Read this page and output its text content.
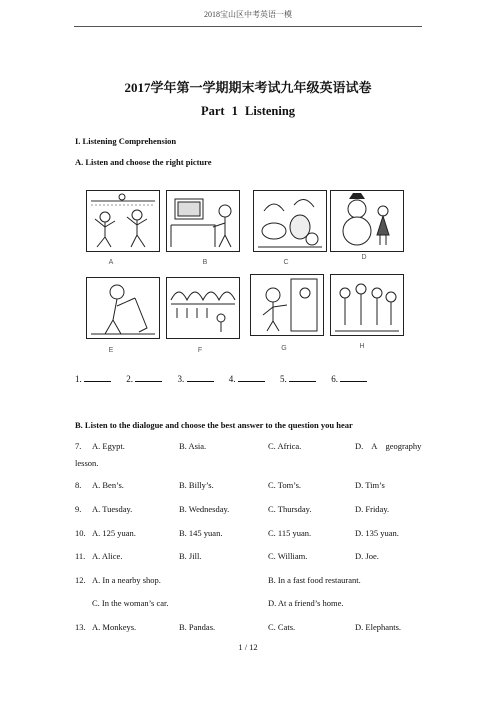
2018宝山区中考英语一模
2017学年第一学期期末考试九年级英语试卷
Part 1 Listening
I. Listening Comprehension
A. Listen and choose the right picture
A	B	C
D
E	F	G	H
1.	2.	3.	4.	5.	6.
B. Listen to the dialogue and choose the best answer to the question you hear
7. A. Egypt.	B. Asia.	C. Africa.	D.    A    geography
lesson.
8. A. Ben’s.	B. Billy’s.	C. Tom’s.	D. Tim’s
9. A. Tuesday.	B. Wednesday.	C. Thursday.	D. Friday.
10. A. 125 yuan.	B. 145 yuan.	C. 115 yuan.	D. 135 yuan.
11. A. Alice.	B. Jill.	C. William.	D. Joe.
12. A. In a nearby shop.	B. In a fast food restaurant.
C. In the woman’s car.	D. At a friend’s home.
13. A. Monkeys.	B. Pandas.	C. Cats.	D. Elephants.
1 / 12
